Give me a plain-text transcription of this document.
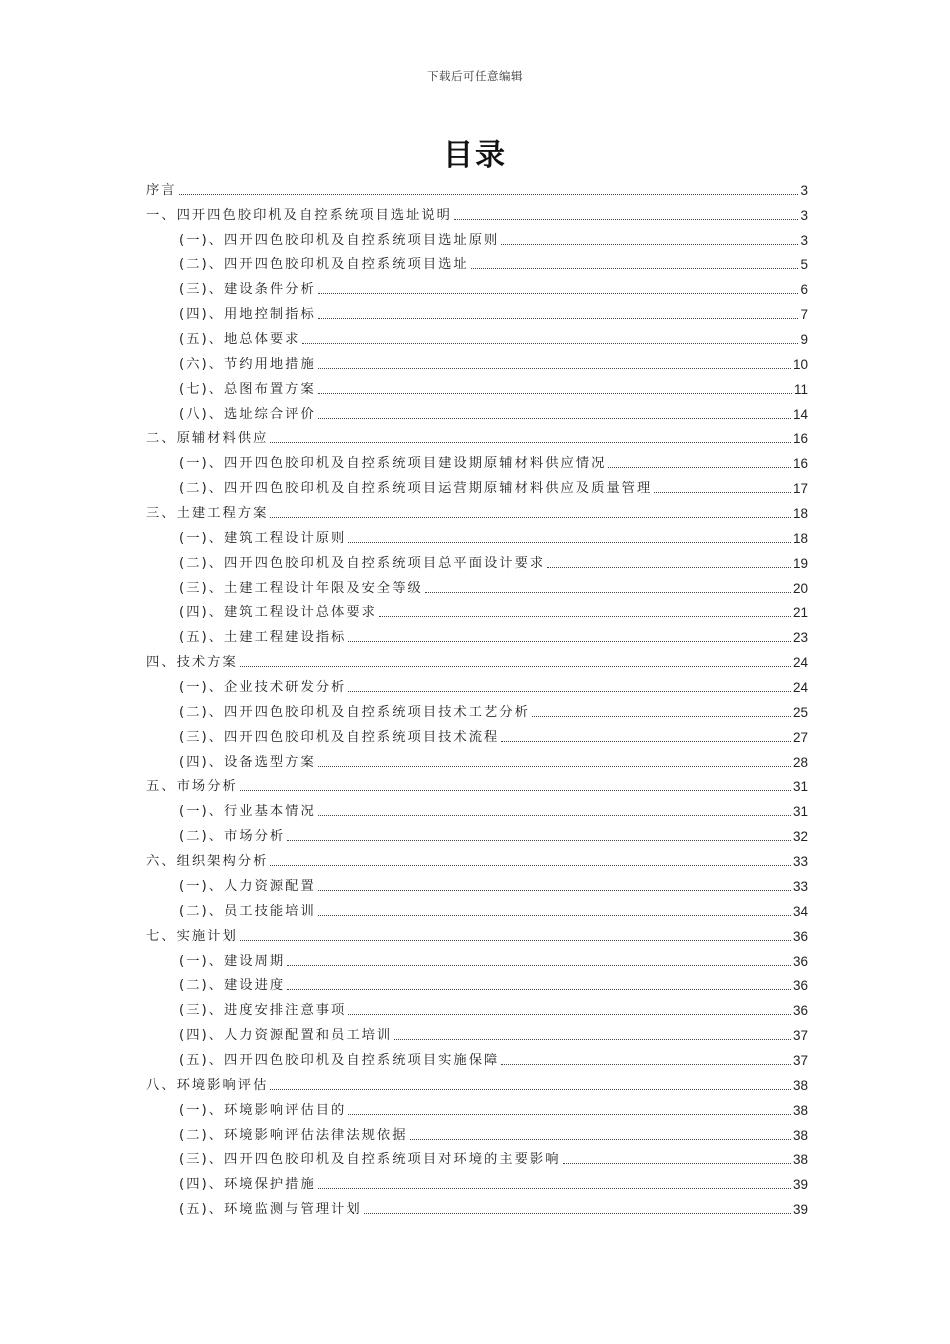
下载后可任意编辑
目录
序言	3
一、四开四色胶印机及自控系统项目选址说明	3
(一)、四开四色胶印机及自控系统项目选址原则	3
(二)、四开四色胶印机及自控系统项目选址	5
(三)、建设条件分析	6
(四)、用地控制指标	7
(五)、地总体要求	9
(六)、节约用地措施	10
(七)、总图布置方案	11
(八)、选址综合评价	14
二、原辅材料供应	16
(一)、四开四色胶印机及自控系统项目建设期原辅材料供应情况	16
(二)、四开四色胶印机及自控系统项目运营期原辅材料供应及质量管理	17
三、土建工程方案	18
(一)、建筑工程设计原则	18
(二)、四开四色胶印机及自控系统项目总平面设计要求	19
(三)、土建工程设计年限及安全等级	20
(四)、建筑工程设计总体要求	21
(五)、土建工程建设指标	23
四、技术方案	24
(一)、企业技术研发分析	24
(二)、四开四色胶印机及自控系统项目技术工艺分析	25
(三)、四开四色胶印机及自控系统项目技术流程	27
(四)、设备选型方案	28
五、市场分析	31
(一)、行业基本情况	31
(二)、市场分析	32
六、组织架构分析	33
(一)、人力资源配置	33
(二)、员工技能培训	34
七、实施计划	36
(一)、建设周期	36
(二)、建设进度	36
(三)、进度安排注意事项	36
(四)、人力资源配置和员工培训	37
(五)、四开四色胶印机及自控系统项目实施保障	37
八、环境影响评估	38
(一)、环境影响评估目的	38
(二)、环境影响评估法律法规依据	38
(三)、四开四色胶印机及自控系统项目对环境的主要影响	38
(四)、环境保护措施	39
(五)、环境监测与管理计划	39
